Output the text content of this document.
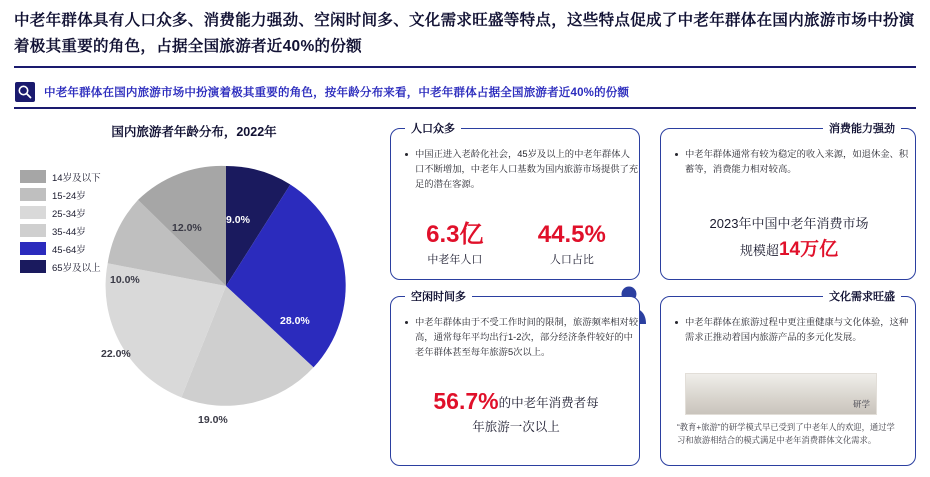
中老年群体具有人口众多、消费能力强劲、空闲时间多、文化需求旺盛等特点，这些特点促成了中老年群体在国内旅游市场中扮演着极其重要的角色，占据全国旅游者近40%的份额
中老年群体在国内旅游市场中扮演着极其重要的角色，按年龄分布来看，中老年群体占据全国旅游者近40%的份额
国内旅游者年龄分布，2022年
14岁及以下
15-24岁
25-34岁
35-44岁
45-64岁
65岁及以上
9.0%
28.0%
19.0%
22.0%
10.0%
12.0%
人口众多
中国正进入老龄化社会，45岁及以上的中老年群体人口不断增加，中老年人口基数为国内旅游市场提供了充足的潜在客源。
6.3亿
中老年人口
44.5%
人口占比
消费能力强劲
中老年群体通常有较为稳定的收入来源，如退休金、积蓄等，消费能力相对较高。
2023年中国中老年消费市场
规模超14万亿
空闲时间多
中老年群体由于不受工作时间的限制，旅游频率相对较高，通常每年平均出行1-2次，部分经济条件较好的中老年群体甚至每年旅游5次以上。
56.7%的中老年消费者每
年旅游一次以上
文化需求旺盛
中老年群体在旅游过程中更注重健康与文化体验，这种需求正推动着国内旅游产品的多元化发展。
研学
“教育+旅游”的研学模式早已受到了中老年人的欢迎，通过学习和旅游相结合的模式满足中老年消费群体文化需求。
